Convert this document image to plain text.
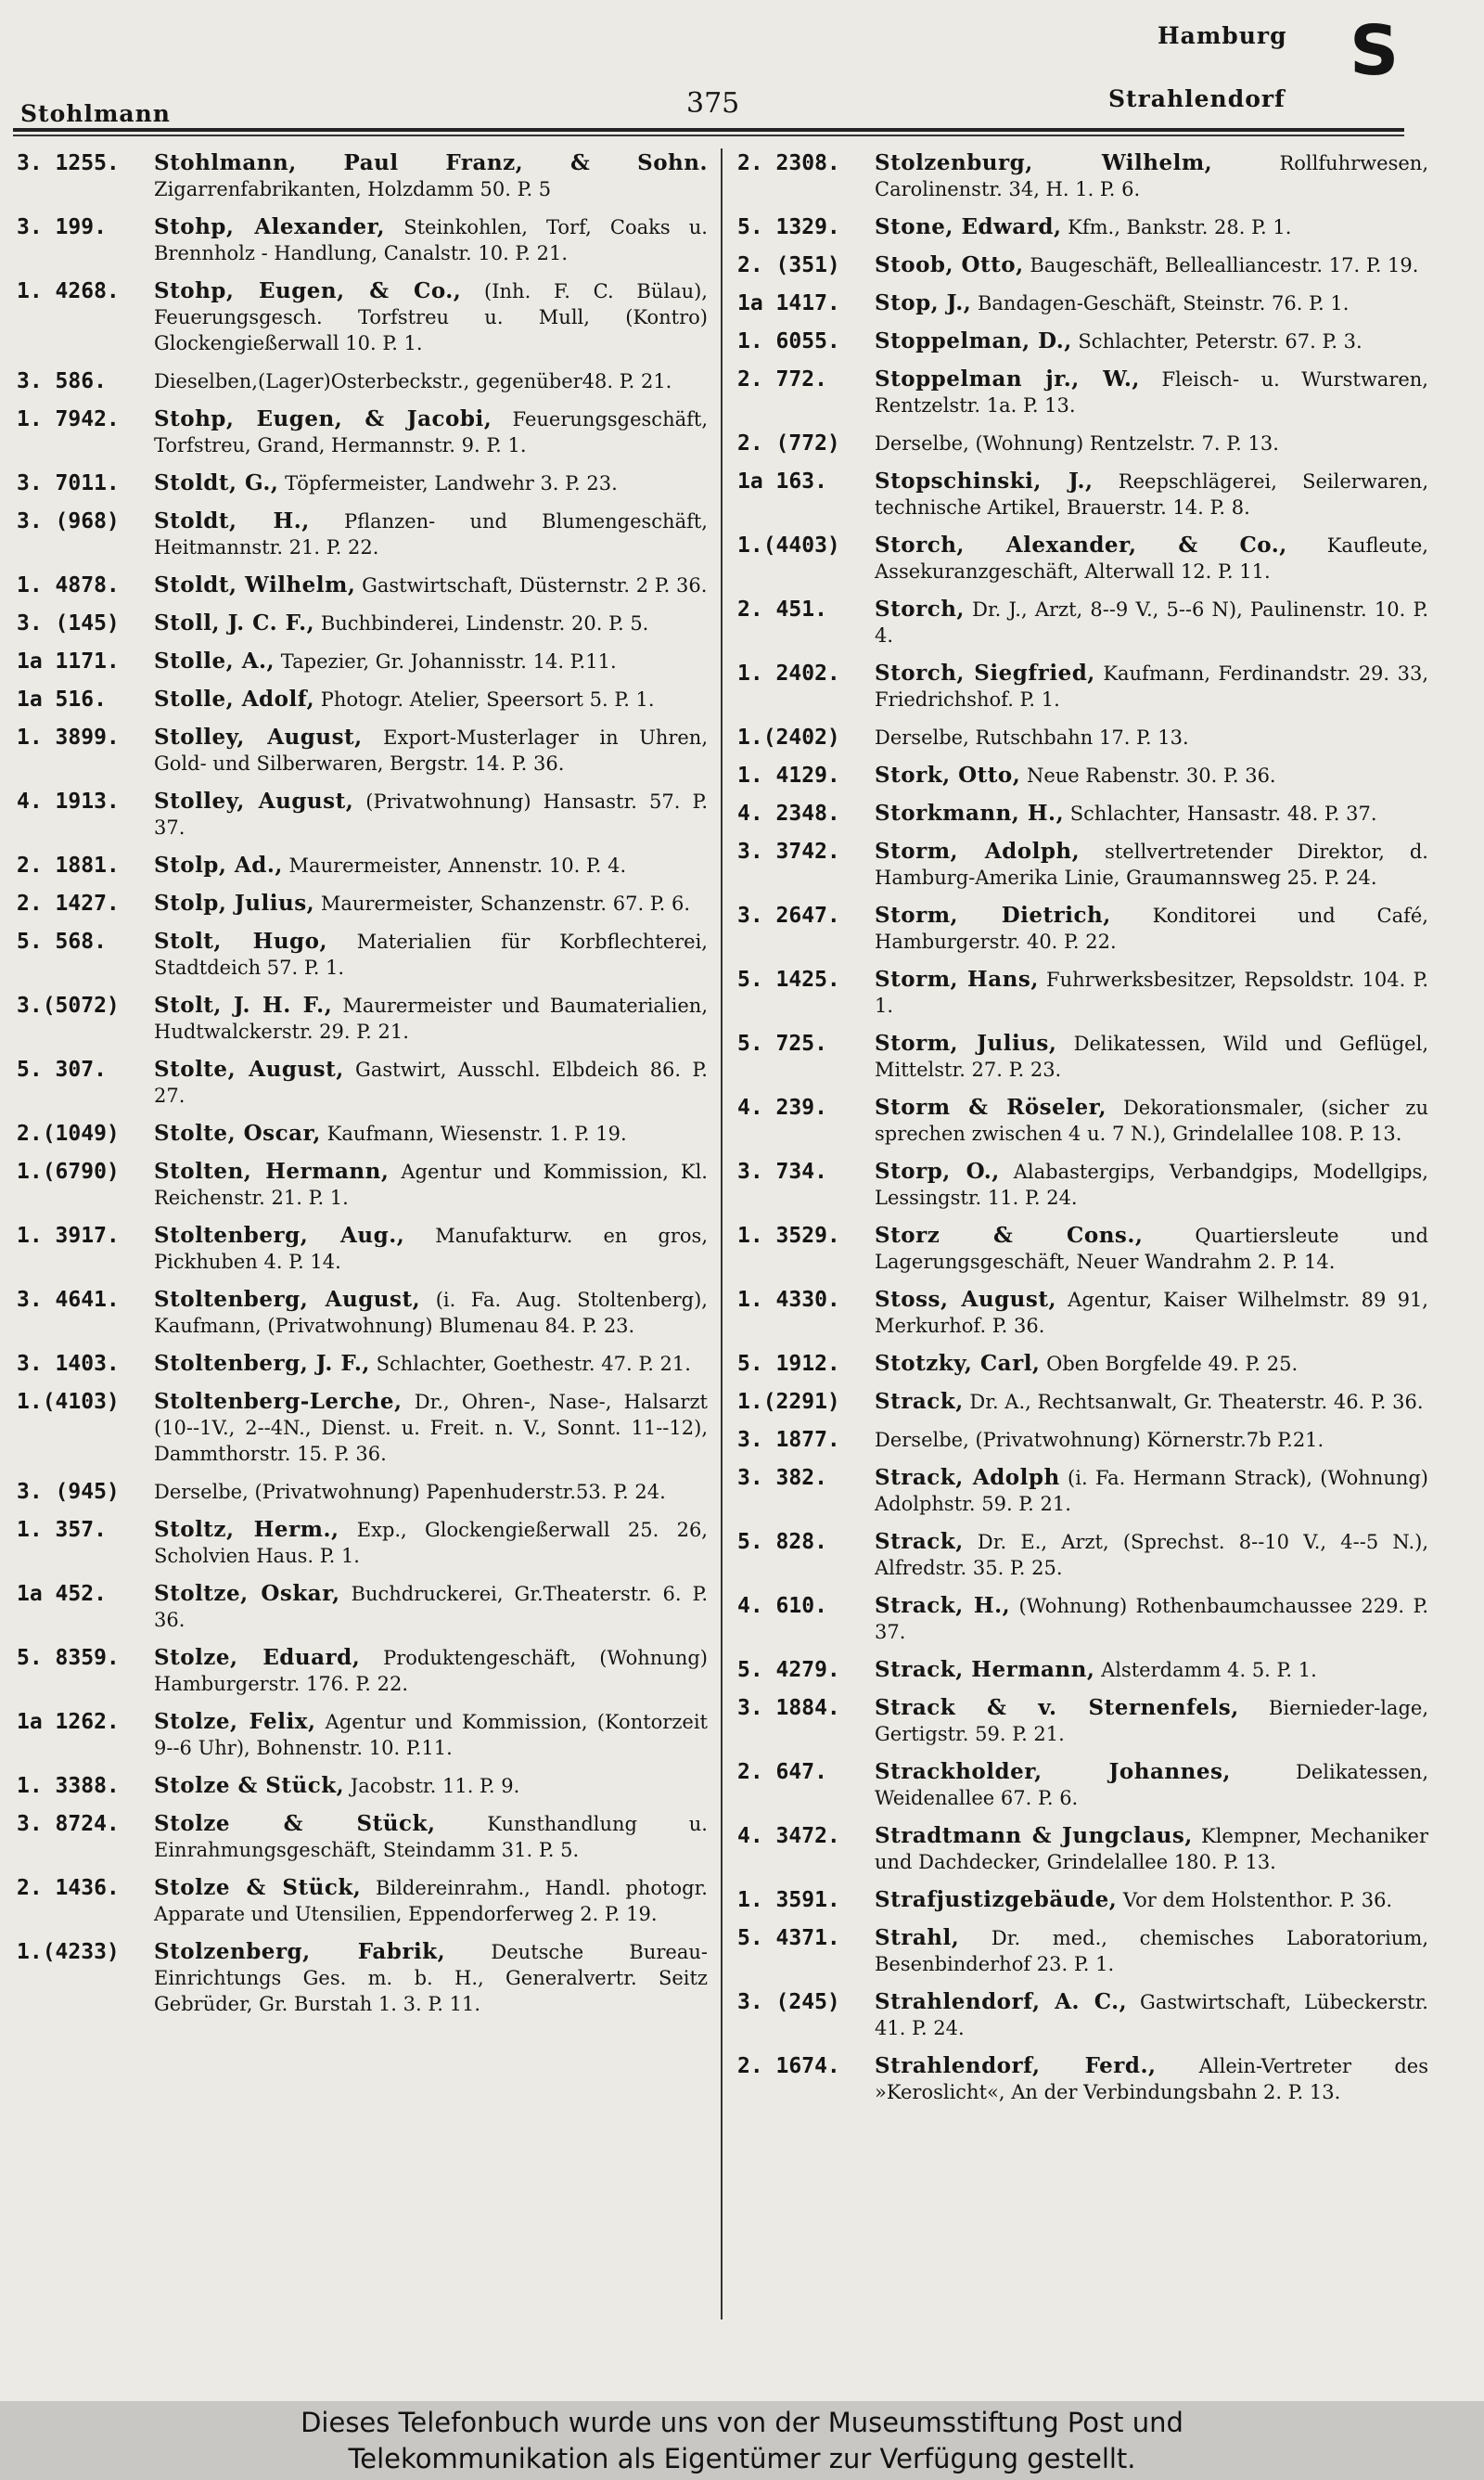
Stohlmann	375
Hamburg
Strahlendorf
S
3. 1255.	Stohlmann, Paul Franz, & Sohn. Zigarrenfabrikanten, Holzdamm 50. P. 5
3. 199.	Stohp, Alexander, Steinkohlen, Torf, Coaks u. Brennholz - Handlung, Canalstr. 10. P. 21.
1. 4268.	Stohp, Eugen, & Co., (Inh. F. C. Bülau), Feuerungsgesch. Torfstreu u. Mull, (Kontro) Glockengießerwall 10. P. 1.
3. 586.	Dieselben,(Lager)Osterbeckstr., gegenüber48. P. 21.
1. 7942.	Stohp, Eugen, & Jacobi, Feuerungsgeschäft, Torfstreu, Grand, Hermannstr. 9. P. 1.
3. 7011.	Stoldt, G., Töpfermeister, Landwehr 3. P. 23.
3. (968)	Stoldt, H., Pflanzen- und Blumengeschäft, Heitmannstr. 21. P. 22.
1. 4878.	Stoldt, Wilhelm, Gastwirtschaft, Düsternstr. 2 P. 36.
3. (145)	Stoll, J. C. F., Buchbinderei, Lindenstr. 20. P. 5.
1a 1171.	Stolle, A., Tapezier, Gr. Johannisstr. 14. P.11.
1a 516.	Stolle, Adolf, Photogr. Atelier, Speersort 5. P. 1.
1. 3899.	Stolley, August, Export-Musterlager in Uhren, Gold- und Silberwaren, Bergstr. 14. P. 36.
4. 1913.	Stolley, August, (Privatwohnung) Hansastr. 57. P. 37.
2. 1881.	Stolp, Ad., Maurermeister, Annenstr. 10. P. 4.
2. 1427.	Stolp, Julius, Maurermeister, Schanzenstr. 67. P. 6.
5. 568.	Stolt, Hugo, Materialien für Korbflechterei, Stadtdeich 57. P. 1.
3.(5072)	Stolt, J. H. F., Maurermeister und Baumaterialien, Hudtwalckerstr. 29. P. 21.
5. 307.	Stolte, August, Gastwirt, Ausschl. Elbdeich 86. P. 27.
2.(1049)	Stolte, Oscar, Kaufmann, Wiesenstr. 1. P. 19.
1.(6790)	Stolten, Hermann, Agentur und Kommission, Kl. Reichenstr. 21. P. 1.
1. 3917.	Stoltenberg, Aug., Manufakturw. en gros, Pickhuben 4. P. 14.
3. 4641.	Stoltenberg, August, (i. Fa. Aug. Stoltenberg), Kaufmann, (Privatwohnung) Blumenau 84. P. 23.
3. 1403.	Stoltenberg, J. F., Schlachter, Goethestr. 47. P. 21.
1.(4103)	Stoltenberg-Lerche, Dr., Ohren-, Nase-, Halsarzt (10--1V., 2--4N., Dienst. u. Freit. n. V., Sonnt. 11--12), Dammthorstr. 15. P. 36.
3. (945)	Derselbe, (Privatwohnung) Papenhuderstr.53. P. 24.
1. 357.	Stoltz, Herm., Exp., Glockengießerwall 25. 26, Scholvien Haus. P. 1.
1a 452.	Stoltze, Oskar, Buchdruckerei, Gr.Theaterstr. 6. P. 36.
5. 8359.	Stolze, Eduard, Produktengeschäft, (Wohnung) Hamburgerstr. 176. P. 22.
1a 1262.	Stolze, Felix, Agentur und Kommission, (Kontorzeit 9--6 Uhr), Bohnenstr. 10. P.11.
1. 3388.	Stolze & Stück, Jacobstr. 11. P. 9.
3. 8724.	Stolze & Stück,	Kunsthandlung u. Einrahmungsgeschäft, Steindamm 31. P. 5.
2. 1436.	Stolze & Stück, Bildereinrahm., Handl. photogr. Apparate und Utensilien, Eppendorferweg 2. P. 19.
1.(4233)	Stolzenberg, Fabrik, Deutsche Bureau-Einrichtungs Ges. m. b. H., Generalvertr. Seitz Gebrüder, Gr. Burstah 1. 3. P. 11.
2. 2308.	Stolzenburg, Wilhelm,	Rollfuhrwesen, Carolinenstr. 34, H. 1. P. 6.
5. 1329.	Stone, Edward, Kfm., Bankstr. 28. P. 1.
2. (351)	Stoob, Otto, Baugeschäft, Bellealliancestr. 17. P. 19.
1a 1417.	Stop, J., Bandagen-Geschäft, Steinstr. 76. P. 1.
1. 6055.	Stoppelman, D., Schlachter, Peterstr. 67. P. 3.
2. 772.	Stoppelman jr., W., Fleisch- u. Wurstwaren, Rentzelstr. 1a. P. 13.
2. (772)	Derselbe, (Wohnung) Rentzelstr. 7. P. 13.
1a 163.	Stopschinski, J., Reepschlägerei, Seilerwaren, technische Artikel, Brauerstr. 14. P. 8.
1.(4403)	Storch, Alexander, & Co., Kaufleute, Assekuranzgeschäft, Alterwall 12. P. 11.
2. 451.	Storch, Dr. J., Arzt, 8--9 V., 5--6 N), Paulinenstr. 10. P. 4.
1. 2402.	Storch, Siegfried, Kaufmann, Ferdinandstr. 29. 33, Friedrichshof. P. 1.
1.(2402)	Derselbe, Rutschbahn 17. P. 13.
1. 4129.	Stork, Otto, Neue Rabenstr. 30. P. 36.
4. 2348.	Storkmann, H., Schlachter, Hansastr. 48. P. 37.
3. 3742.	Storm, Adolph, stellvertretender Direktor, d. Hamburg-Amerika Linie, Graumannsweg 25. P. 24.
3. 2647.	Storm, Dietrich, Konditorei und Café, Hamburgerstr. 40. P. 22.
5. 1425.	Storm, Hans, Fuhrwerksbesitzer, Repsoldstr. 104. P. 1.
5. 725.	Storm, Julius, Delikatessen, Wild und Geflügel, Mittelstr. 27. P. 23.
4. 239.	Storm & Röseler, Dekorationsmaler, (sicher zu sprechen zwischen 4 u. 7 N.), Grindelallee 108. P. 13.
3. 734.	Storp, O., Alabastergips, Verbandgips, Modellgips, Lessingstr. 11. P. 24.
1. 3529.	Storz & Cons.,	Quartiersleute und Lagerungsgeschäft, Neuer Wandrahm 2. P. 14.
1. 4330.	Stoss, August, Agentur, Kaiser Wilhelmstr. 89 91, Merkurhof. P. 36.
5. 1912.	Stotzky, Carl, Oben Borgfelde 49. P. 25.
1.(2291)	Strack, Dr. A., Rechtsanwalt, Gr. Theaterstr. 46. P. 36.
3. 1877.	Derselbe, (Privatwohnung) Körnerstr.7b P.21.
3. 382.	Strack, Adolph (i. Fa. Hermann Strack), (Wohnung) Adolphstr. 59. P. 21.
5. 828.	Strack, Dr. E., Arzt, (Sprechst. 8--10 V., 4--5 N.), Alfredstr. 35. P. 25.
4. 610.	Strack, H., (Wohnung) Rothenbaumchaussee 229. P. 37.
5. 4279.	Strack, Hermann, Alsterdamm 4. 5. P. 1.
3. 1884.	Strack & v. Sternenfels, Biernieder-lage, Gertigstr. 59. P. 21.
2. 647.	Strackholder, Johannes,	Delikatessen, Weidenallee 67. P. 6.
4. 3472.	Stradtmann & Jungclaus, Klempner, Mechaniker und Dachdecker, Grindelallee 180. P. 13.
1. 3591.	Strafjustizgebäude, Vor dem Holstenthor. P. 36.
5. 4371.	Strahl, Dr. med., chemisches Laboratorium, Besenbinderhof 23. P. 1.
3. (245)	Strahlendorf, A. C., Gastwirtschaft, Lübeckerstr. 41. P. 24.
2. 1674.	Strahlendorf, Ferd., Allein-Vertreter des »Keroslicht«, An der Verbindungsbahn 2. P. 13.
Dieses Telefonbuch wurde uns von der Museumsstiftung Post und
Telekommunikation als Eigentümer zur Verfügung gestellt.
